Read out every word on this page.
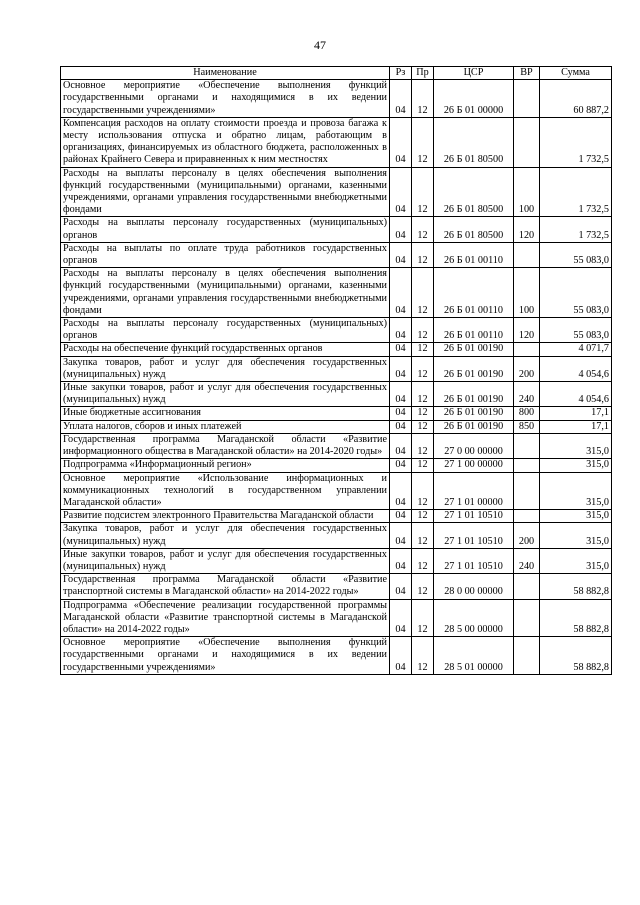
47
Наименование	Рз	Пр	ЦСР	ВР	Сумма
Основное мероприятие «Обеспечение выполнения функций государственными органами и находящимися в их ведении государственными учреждениями»	04	12	26 Б 01 00000		60 887,2
Компенсация расходов на оплату стоимости проезда и провоза багажа к месту использования отпуска и обратно лицам, работающим в организациях, финансируемых из областного бюджета, расположенных в районах Крайнего Севера и приравненных к ним местностях	04	12	26 Б 01 80500		1 732,5
Расходы на выплаты персоналу в целях обеспечения выполнения функций государственными (муниципальными) органами, казенными учреждениями, органами управления государственными внебюджетными фондами	04	12	26 Б 01 80500	100	1 732,5
Расходы на выплаты персоналу государственных (муниципальных) органов	04	12	26 Б 01 80500	120	1 732,5
Расходы на выплаты по оплате труда работников государственных органов	04	12	26 Б 01 00110		55 083,0
Расходы на выплаты персоналу в целях обеспечения выполнения функций государственными (муниципальными) органами, казенными учреждениями, органами управления государственными внебюджетными фондами	04	12	26 Б 01 00110	100	55 083,0
Расходы на выплаты персоналу государственных (муниципальных) органов	04	12	26 Б 01 00110	120	55 083,0
Расходы на обеспечение функций государственных органов	04	12	26 Б 01 00190		4 071,7
Закупка товаров, работ и услуг для обеспечения государственных (муниципальных) нужд	04	12	26 Б 01 00190	200	4 054,6
Иные закупки товаров, работ и услуг для обеспечения государственных (муниципальных) нужд	04	12	26 Б 01 00190	240	4 054,6
Иные бюджетные ассигнования	04	12	26 Б 01 00190	800	17,1
Уплата налогов, сборов и иных платежей	04	12	26 Б 01 00190	850	17,1
Государственная программа Магаданской области «Развитие информационного общества в Магаданской области» на 2014-2020 годы»	04	12	27 0 00 00000		315,0
Подпрограмма «Информационный регион»	04	12	27 1 00 00000		315,0
Основное мероприятие «Использование информационных и коммуникационных технологий в государственном управлении Магаданской области»	04	12	27 1 01 00000		315,0
Развитие подсистем электронного Правительства Магаданской области	04	12	27 1 01 10510		315,0
Закупка товаров, работ и услуг для обеспечения государственных (муниципальных) нужд	04	12	27 1 01 10510	200	315,0
Иные закупки товаров, работ и услуг для обеспечения государственных (муниципальных) нужд	04	12	27 1 01 10510	240	315,0
Государственная программа Магаданской области «Развитие транспортной системы в Магаданской области» на 2014-2022 годы»	04	12	28 0 00 00000		58 882,8
Подпрограмма «Обеспечение реализации государственной программы Магаданской области «Развитие транспортной системы в Магаданской области» на 2014-2022 годы»	04	12	28 5 00 00000		58 882,8
Основное мероприятие «Обеспечение выполнения функций государственными органами и находящимися в их ведении государственными учреждениями»	04	12	28 5 01 00000		58 882,8
